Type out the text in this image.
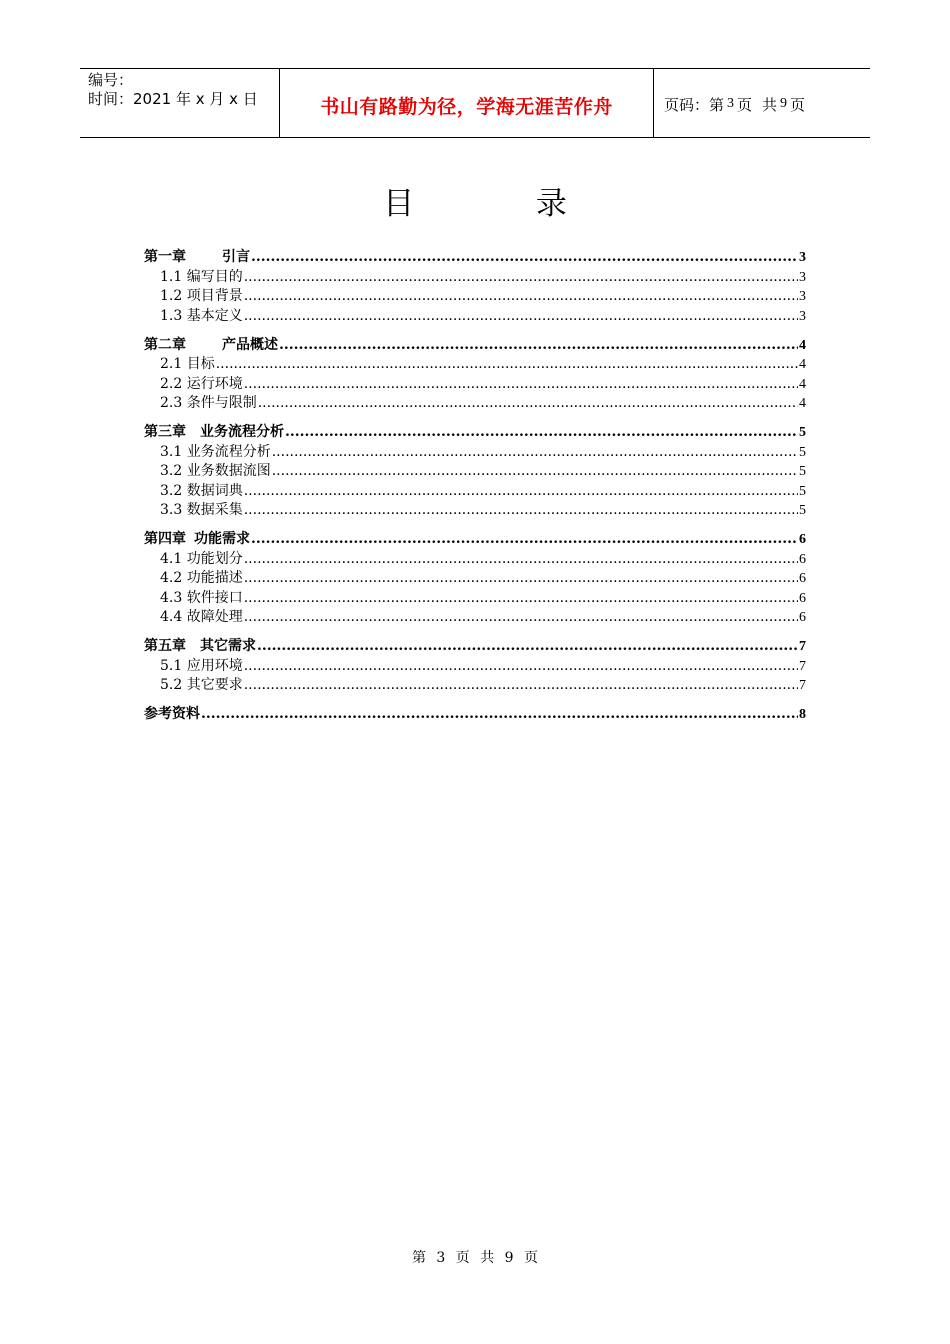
编号：
时间：2021 年 x 月 x 日	书山有路勤为径，学海无涯苦作舟	页码：第 3 页 共 9 页
目 录
第一章	引言 .....	3
1.1 编写目的 .....	3
1.2 项目背景 .....	3
1.3 基本定义 .....	3
第二章	产品概述 .....	4
2.1 目标 .....	4
2.2 运行环境 .....	4
2.3 条件与限制 .....	4
第三章 业务流程分析 .....	5
3.1 业务流程分析 .....	5
3.2 业务数据流图 .....	5
3.2 数据词典 .....	5
3.3 数据采集 .....	5
第四章 功能需求 .....	6
4.1 功能划分 .....	6
4.2 功能描述 .....	6
4.3 软件接口 .....	6
4.4 故障处理 .....	6
第五章 其它需求 .....	7
5.1 应用环境 .....	7
5.2 其它要求 .....	7
参考资料 .....	8
第 3 页 共 9 页
